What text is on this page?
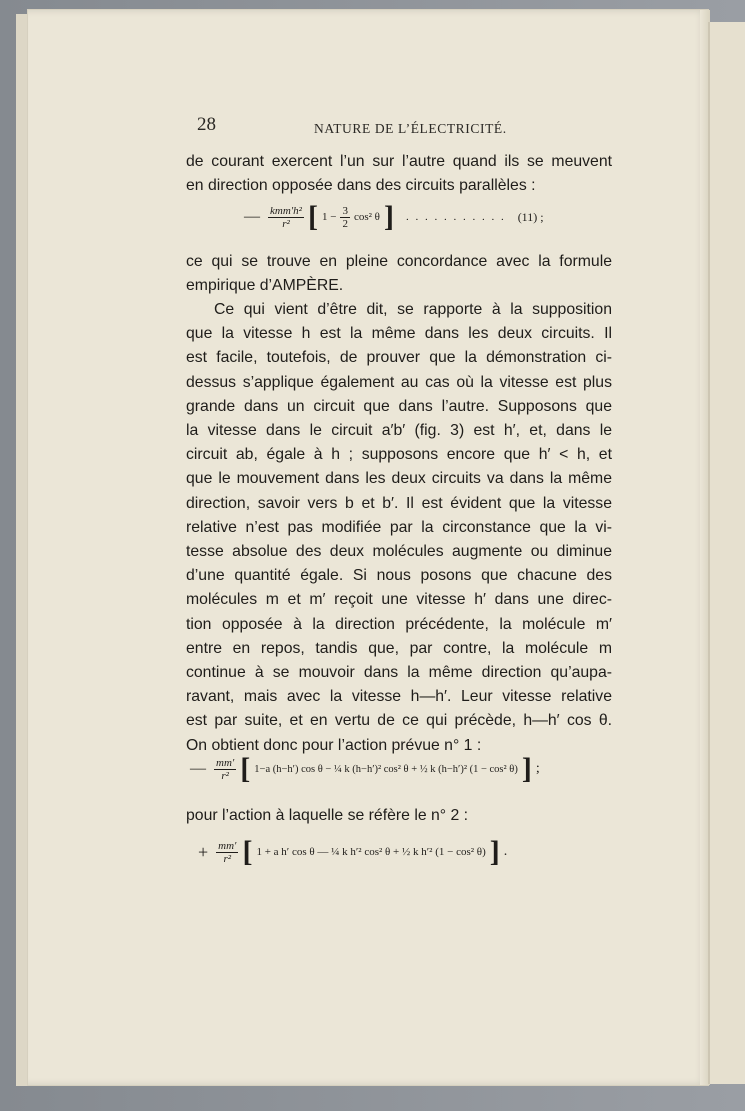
28	NATURE DE L’ÉLECTRICITÉ.
de courant exercent l’un sur l’autre quand ils se meuvent
en direction opposée dans des circuits parallèles :
— $\frac{\text{kmm′h²}}{\text{r²}}$ [ $1 - \frac{3}{2} \cos^2$ θ ] . . . . . . . . . . . (11) ;
ce qui se trouve en pleine concordance avec la formule
empirique d’AMPÈRE.
Ce qui vient d’être dit, se rapporte à la supposition
que la vitesse h est la même dans les deux circuits. Il
est facile, toutefois, de prouver que la démonstration ci-
dessus s’applique également au cas où la vitesse est plus
grande dans un circuit que dans l’autre. Supposons que
la vitesse dans le circuit a′b′ (fig. 3) est h′, et, dans le
circuit ab, égale à h ; supposons encore que h′ < h, et
que le mouvement dans les deux circuits va dans la même
direction, savoir vers b et b′. Il est évident que la vitesse
relative n’est pas modifiée par la circonstance que la vi-
tesse absolue des deux molécules augmente ou diminue
d’une quantité égale. Si nous posons que chacune des
molécules m et m′ reçoit une vitesse h′ dans une direc-
tion opposée à la direction précédente, la molécule m′
entre en repos, tandis que, par contre, la molécule m
continue à se mouvoir dans la même direction qu’aupa-
ravant, mais avec la vitesse h—h′. Leur vitesse relative
est par suite, et en vertu de ce qui précède, h—h′ cos θ.
On obtient donc pour l’action prévue n° 1 :
— $\frac{mm'}{\text{r²}}$ [ 1−a (h−h′) cos θ − ¼ k (h−h′)² cos² θ + ½ k (h−h′)² (1 − cos² θ) ] ;
pour l’action à laquelle se réfère le n° 2 :
+ $\frac{mm'}{\text{r²}}$ [ 1 + a h′ cos θ — ¼ k h′² cos² θ + ½ k h′² (1 − cos² θ) ] .
